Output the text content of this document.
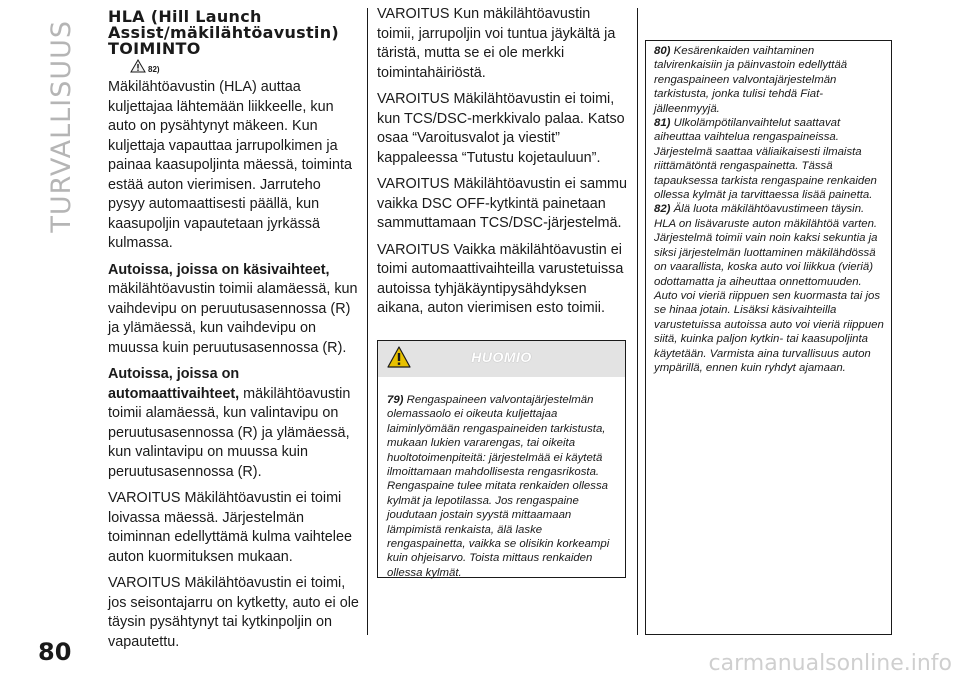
TURVALLISUUS
80
HLA (Hill Launch
Assist/mäkilähtöavustin)
TOIMINTO
82)

Mäkilähtöavustin (HLA) auttaa kuljettajaa lähtemään liikkeelle, kun auto on pysähtynyt mäkeen. Kun kuljettaja vapauttaa jarrupolkimen ja painaa kaasupoljinta mäessä, toiminta estää auton vierimisen. Jarruteho pysyy automaattisesti päällä, kun kaasupoljin vapautetaan jyrkässä kulmassa.

Autoissa, joissa on käsivaihteet, mäkilähtöavustin toimii alamäessä, kun vaihdevipu on peruutusasennossa (R) ja ylämäessä, kun vaihdevipu on muussa kuin peruutusasennossa (R).

Autoissa, joissa on automaattivaihteet, mäkilähtöavustin toimii alamäessä, kun valintavipu on peruutusasennossa (R) ja ylämäessä, kun valintavipu on muussa kuin peruutusasennossa (R).

VAROITUS Mäkilähtöavustin ei toimi loivassa mäessä. Järjestelmän toiminnan edellyttämä kulma vaihtelee auton kuormituksen mukaan.

VAROITUS Mäkilähtöavustin ei toimi, jos seisontajarru on kytketty, auto ei ole täysin pysähtynyt tai kytkinpoljin on vapautettu.

VAROITUS Kun mäkilähtöavustin toimii, jarrupoljin voi tuntua jäykältä ja täristä, mutta se ei ole merkki toimintahäiriöstä.

VAROITUS Mäkilähtöavustin ei toimi, kun TCS/DSC-merkkivalo palaa. Katso osaa “Varoitusvalot ja viestit” kappaleessa “Tutustu kojetauluun”.

VAROITUS Mäkilähtöavustin ei sammu vaikka DSC OFF-kytkintä painetaan sammuttamaan TCS/DSC-järjestelmä.

VAROITUS Vaikka mäkilähtöavustin ei toimi automaattivaihteilla varustetuissa autoissa tyhjäkäyntipysähdyksen aikana, auton vierimisen esto toimii.

HUOMIO

79) Rengaspaineen valvontajärjestelmän olemassaolo ei oikeuta kuljettajaa laiminlyömään rengaspaineiden tarkistusta, mukaan lukien vararengas, tai oikeita huoltotoimenpiteitä: järjestelmää ei käytetä ilmoittamaan mahdollisesta rengasrikosta. Rengaspaine tulee mitata renkaiden ollessa kylmät ja lepotilassa. Jos rengaspaine joudutaan jostain syystä mittaamaan lämpimistä renkaista, älä laske rengaspainetta, vaikka se olisikin korkeampi kuin ohjeisarvo. Toista mittaus renkaiden ollessa kylmät.

80) Kesärenkaiden vaihtaminen talvirenkaisiin ja päinvastoin edellyttää rengaspaineen valvontajärjestelmän tarkistusta, jonka tulisi tehdä Fiat-jälleenmyyjä.

81) Ulkolämpötilanvaihtelut saattavat aiheuttaa vaihtelua rengaspaineissa. Järjestelmä saattaa väliaikaisesti ilmaista riittämätöntä rengaspainetta. Tässä tapauksessa tarkista rengaspaine renkaiden ollessa kylmät ja tarvittaessa lisää painetta.

82) Älä luota mäkilähtöavustimeen täysin. HLA on lisävaruste auton mäkilähtöä varten. Järjestelmä toimii vain noin kaksi sekuntia ja siksi järjestelmän luottaminen mäkilähdössä on vaarallista, koska auto voi liikkua (vieriä) odottamatta ja aiheuttaa onnettomuuden. Auto voi vieriä riippuen sen kuormasta tai jos se hinaa jotain. Lisäksi käsivaihteilla varustetuissa autoissa auto voi vieriä riippuen siitä, kuinka paljon kytkin- tai kaasupoljinta käytetään. Varmista aina turvallisuus auton ympärillä, ennen kuin ryhdyt ajamaan.

carmanualsonline.info
